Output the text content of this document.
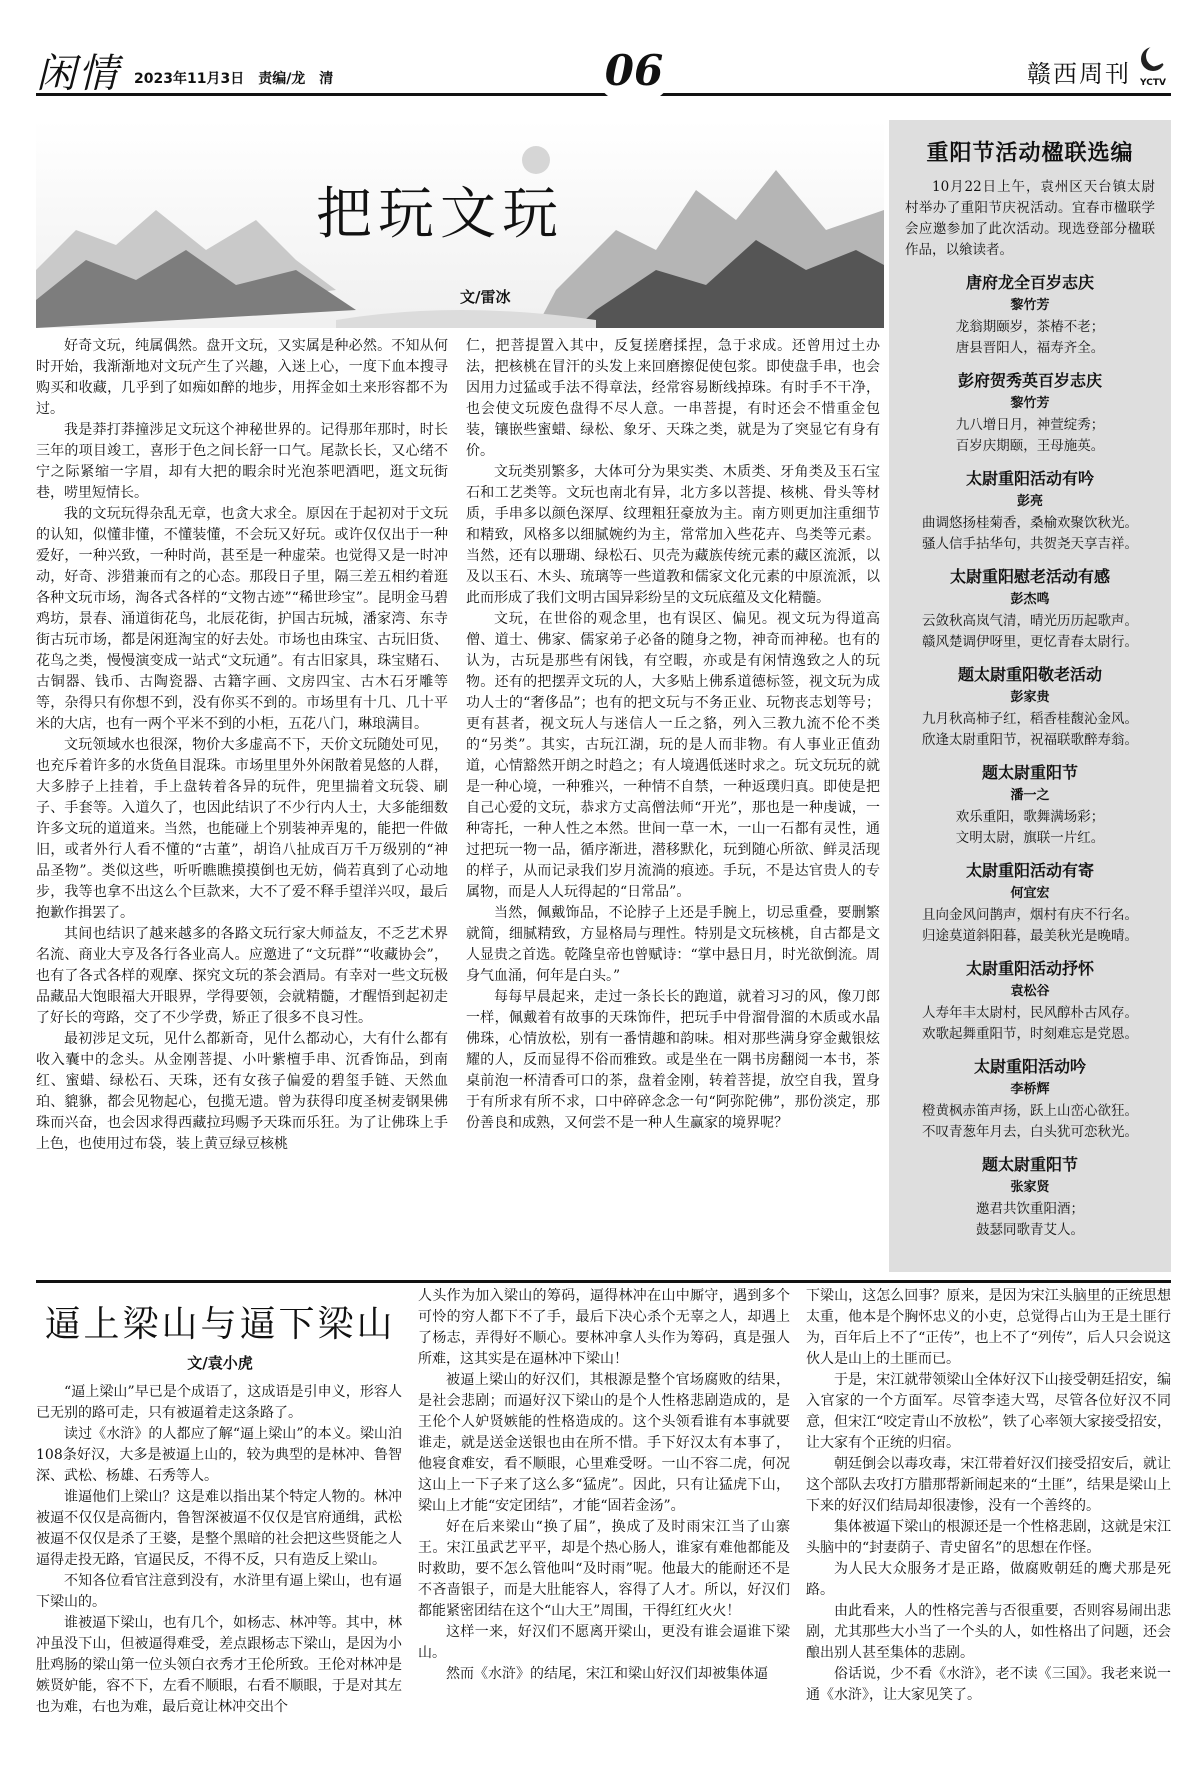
闲情 2023年11月3日　责编/龙　清	06	赣西周刊	YCTV
把玩文玩
文/雷冰

好奇文玩，纯属偶然。盘开文玩，又实属是种必然。不知从何时开始，我渐渐地对文玩产生了兴趣，入迷上心，一度下血本搜寻购买和收藏，几乎到了如痴如醉的地步，用挥金如土来形容都不为过。

我是莽打莽撞涉足文玩这个神秘世界的。记得那年那时，时长三年的项目竣工，喜形于色之间长舒一口气。尾款长长，又心绪不宁之际紧缩一字眉，却有大把的暇余时光泡茶吧酒吧，逛文玩街巷，唠里短情长。

我的文玩玩得杂乱无章，也贪大求全。原因在于起初对于文玩的认知，似懂非懂，不懂装懂，不会玩又好玩。或许仅仅出于一种爱好，一种兴致，一种时尚，甚至是一种虚荣。也觉得又是一时冲动，好奇、涉猎兼而有之的心态。那段日子里，隔三差五相约着逛各种文玩市场，淘各式各样的“文物古迹”“稀世珍宝”。昆明金马碧鸡坊，景春、涌道街花鸟，北辰花街，护国古玩城，潘家湾、东寺街古玩市场，都是闲逛淘宝的好去处。市场也由珠宝、古玩旧货、花鸟之类，慢慢演变成一站式“文玩通”。有古旧家具，珠宝赌石、古铜器、钱币、古陶瓷器、古籍字画、文房四宝、古木石牙雕等等，杂得只有你想不到，没有你买不到的。市场里有十几、几十平米的大店，也有一两个平米不到的小柜，五花八门，琳琅满目。

文玩领域水也很深，物价大多虚高不下，天价文玩随处可见，也充斥着许多的水货鱼目混珠。市场里里外外闲散着晃悠的人群，大多脖子上挂着，手上盘转着各异的玩件，兜里揣着文玩袋、刷子、手套等。入道久了，也因此结识了不少行内人士，大多能细数许多文玩的道道来。当然，也能碰上个别装神弄鬼的，能把一件做旧，或者外行人看不懂的“古董”，胡诌八扯成百万千万级别的“神品圣物”。类似这些，听听瞧瞧摸摸倒也无妨，倘若真到了心动地步，我等也拿不出这么个巨款来，大不了爱不释手望洋兴叹，最后抱歉作揖罢了。

其间也结识了越来越多的各路文玩行家大师益友，不乏艺术界名流、商业大亨及各行各业高人。应邀进了“文玩群”“收藏协会”，也有了各式各样的观摩、探究文玩的茶会酒局。有幸对一些文玩极品藏品大饱眼福大开眼界，学得要领，会就精髓，才醒悟到起初走了好长的弯路，交了不少学费，矫正了很多不良习性。

最初涉足文玩，见什么都新奇，见什么都动心，大有什么都有收入囊中的念头。从金刚菩提、小叶紫檀手串、沉香饰品，到南红、蜜蜡、绿松石、天珠，还有女孩子偏爱的碧玺手链、天然血珀、貔貅，都会见物起心，包揽无遗。曾为获得印度圣树麦钢果佛珠而兴奋，也会因求得西藏拉玛赐予天珠而乐狂。为了让佛珠上手上色，也使用过布袋，装上黄豆绿豆核桃

仁，把菩提置入其中，反复搓磨揉捏，急于求成。还曾用过土办法，把核桃在冒汗的头发上来回磨擦促使包浆。即使盘手串，也会因用力过猛或手法不得章法，经常容易断线掉珠。有时手不干净，也会使文玩废色盘得不尽人意。一串菩提，有时还会不惜重金包装，镶嵌些蜜蜡、绿松、象牙、天珠之类，就是为了突显它有身有价。

文玩类别繁多，大体可分为果实类、木质类、牙角类及玉石宝石和工艺类等。文玩也南北有异，北方多以菩提、核桃、骨头等材质，手串多以颜色深厚、纹理粗狂豪放为主。南方则更加注重细节和精致，风格多以细腻婉约为主，常常加入些花卉、鸟类等元素。当然，还有以珊瑚、绿松石、贝壳为藏族传统元素的藏区流派，以及以玉石、木头、琉璃等一些道教和儒家文化元素的中原流派，以此而形成了我们文明古国异彩纷呈的文玩底蕴及文化精髓。

文玩，在世俗的观念里，也有误区、偏见。视文玩为得道高僧、道士、佛家、儒家弟子必备的随身之物，神奇而神秘。也有的认为，古玩是那些有闲钱，有空暇，亦或是有闲情逸致之人的玩物。还有的把摆弄文玩的人，大多贴上佛系道德标签，视文玩为成功人士的“奢侈品”；也有的把文玩与不务正业、玩物丧志划等号；更有甚者，视文玩人与迷信人一丘之貉，列入三教九流不伦不类的“另类”。其实，古玩江湖，玩的是人而非物。有人事业正值劲道，心情豁然开朗之时趋之；有人境遇低迷时求之。玩文玩玩的就是一种心境，一种雅兴，一种情不自禁，一种返璞归真。即使是把自己心爱的文玩，恭求方丈高僧法师“开光”，那也是一种虔诚，一种寄托，一种人性之本然。世间一草一木，一山一石都有灵性，通过把玩一物一品，循序渐进，潜移默化，玩到随心所欲、鲜灵活现的样子，从而记录我们岁月流淌的痕迹。手玩，不是达官贵人的专属物，而是人人玩得起的“日常品”。

当然，佩戴饰品，不论脖子上还是手腕上，切忌重叠，要删繁就简，细腻精致，方显格局与理性。特别是文玩核桃，自古都是文人显贵之首选。乾隆皇帝也曾赋诗：“掌中悬日月，时光欲倒流。周身气血涌，何年是白头。”

每每早晨起来，走过一条长长的跑道，就着习习的风，像刀郎一样，佩戴着有故事的天珠饰件，把玩手中骨溜骨溜的木质或水晶佛珠，心情放松，别有一番情趣和韵味。相对那些满身穿金戴银炫耀的人，反而显得不俗而雅致。或是坐在一隅书房翻阅一本书，茶桌前泡一杯清香可口的茶，盘着金刚，转着菩提，放空自我，置身于有所求有所不求，口中碎碎念念一句“阿弥陀佛”，那份淡定，那份善良和成熟，又何尝不是一种人生赢家的境界呢？

重阳节活动楹联选编
10月22日上午，袁州区天台镇太尉村举办了重阳节庆祝活动。宜春市楹联学会应邀参加了此次活动。现选登部分楹联作品，以飨读者。
唐府龙全百岁志庆
黎竹芳
龙翁期颐岁，茶椿不老；
唐县晋阳人，福寿齐全。
彭府贺秀英百岁志庆
黎竹芳
九八增日月，神萱绽秀；
百岁庆期颐，王母施英。
太尉重阳活动有吟
彭亮
曲调悠扬桂菊香，桑榆欢聚饮秋光。
骚人信手拈华句，共贺尧天享吉祥。
太尉重阳慰老活动有感
彭杰鸣
云敛秋高岚气清，晴光历历起歌声。
赣风楚调伊呀里，更忆青春太尉行。
题太尉重阳敬老活动
彭家贵
九月秋高柿子红，稻香桂馥沁金风。
欣逢太尉重阳节，祝福联歌醉寿翁。
题太尉重阳节
潘一之
欢乐重阳，歌舞满场彩；
文明太尉，旗联一片红。
太尉重阳活动有寄
何宜宏
且向金风问鹊声，烟村有庆不行名。
归途莫道斜阳暮，最美秋光是晚晴。
太尉重阳活动抒怀
袁松谷
人寿年丰太尉村，民风醇朴古风存。
欢歌起舞重阳节，时刻难忘是党恩。
太尉重阳活动吟
李桥辉
橙黄枫赤笛声扬，跃上山峦心欲狂。
不叹青葱年月去，白头犹可恋秋光。
题太尉重阳节
张家贤
邀君共饮重阳酒；
鼓瑟同歌青艾人。
逼上梁山与逼下梁山
文/袁小虎

“逼上梁山”早已是个成语了，这成语是引申义，形容人已无别的路可走，只有被逼着走这条路了。

读过《水浒》的人都应了解“逼上梁山”的本义。梁山泊108条好汉，大多是被逼上山的，较为典型的是林冲、鲁智深、武松、杨雄、石秀等人。

谁逼他们上梁山？这是难以指出某个特定人物的。林冲被逼不仅仅是高衙内，鲁智深被逼不仅仅是官府通缉，武松被逼不仅仅是杀了王婆，是整个黑暗的社会把这些贤能之人逼得走投无路，官逼民反，不得不反，只有造反上梁山。

不知各位看官注意到没有，水浒里有逼上梁山，也有逼下梁山的。

谁被逼下梁山，也有几个，如杨志、林冲等。其中，林冲虽没下山，但被逼得难受，差点跟杨志下梁山，是因为小肚鸡肠的梁山第一位头领白衣秀才王伦所致。王伦对林冲是嫉贤妒能，容不下，左看不顺眼，右看不顺眼，于是对其左也为难，右也为难，最后竟让林冲交出个

人头作为加入梁山的筹码，逼得林冲在山中厮守，遇到多个可怜的穷人都下不了手，最后下决心杀个无辜之人，却遇上了杨志，弄得好不顺心。要林冲拿人头作为筹码，真是强人所难，这其实是在逼林冲下梁山！

被逼上梁山的好汉们，其根源是整个官场腐败的结果，是社会悲剧；而逼好汉下梁山的是个人性格悲剧造成的，是王伦个人妒贤嫉能的性格造成的。这个头领看谁有本事就要谁走，就是送金送银也由在所不惜。手下好汉太有本事了，他寝食难安，看不顺眼，心里难受呀。一山不容二虎，何况这山上一下子来了这么多“猛虎”。因此，只有让猛虎下山，梁山上才能“安定团结”，才能“固若金汤”。

好在后来梁山“换了届”，换成了及时雨宋江当了山寨王。宋江虽武艺平平，却是个热心肠人，谁家有难他都能及时救助，要不怎么管他叫“及时雨”呢。他最大的能耐还不是不吝啬银子，而是大肚能容人，容得了人才。所以，好汉们都能紧密团结在这个“山大王”周围，干得红红火火！

这样一来，好汉们不愿离开梁山，更没有谁会逼谁下梁山。

然而《水浒》的结尾，宋江和梁山好汉们却被集体逼

下梁山，这怎么回事？原来，是因为宋江头脑里的正统思想太重，他本是个胸怀忠义的小吏，总觉得占山为王是土匪行为，百年后上不了“正传”，也上不了“列传”，后人只会说这伙人是山上的土匪而已。

于是，宋江就带领梁山全体好汉下山接受朝廷招安，编入官家的一个方面军。尽管李逵大骂，尽管各位好汉不同意，但宋江“咬定青山不放松”，铁了心率领大家接受招安，让大家有个正统的归宿。

朝廷倒会以毒攻毒，宋江带着好汉们接受招安后，就让这个部队去攻打方腊那帮新闹起来的“土匪”，结果是梁山上下来的好汉们结局却很凄惨，没有一个善终的。

集体被逼下梁山的根源还是一个性格悲剧，这就是宋江头脑中的“封妻荫子、青史留名”的思想在作怪。

为人民大众服务才是正路，做腐败朝廷的鹰犬那是死路。

由此看来，人的性格完善与否很重要，否则容易闹出悲剧，尤其那些大小当了一个头的人，如性格出了问题，还会酿出别人甚至集体的悲剧。

俗话说，少不看《水浒》，老不读《三国》。我老来说一通《水浒》，让大家见笑了。
